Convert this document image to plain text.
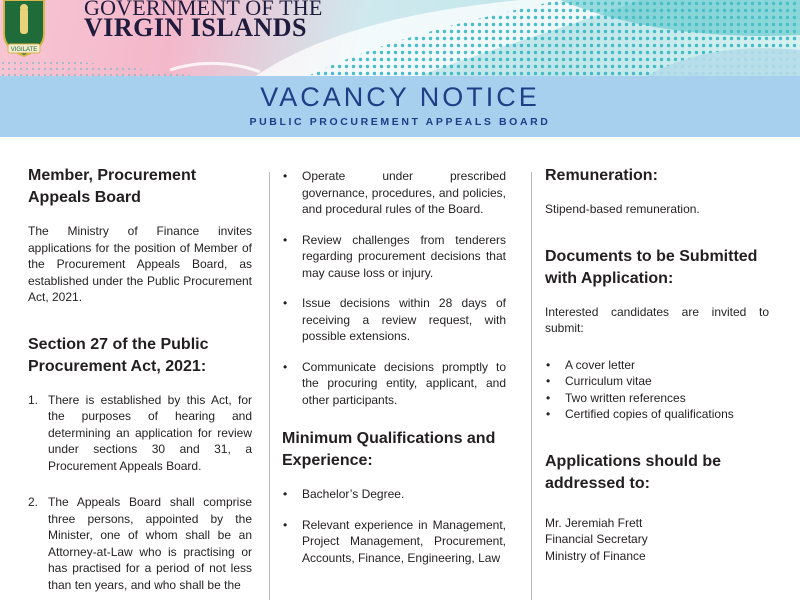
VIGILATE
GOVERNMENT OF THE
VIRGIN ISLANDS
VACANCY NOTICE
PUBLIC PROCUREMENT APPEALS BOARD
Member, Procurement Appeals Board

The Ministry of Finance invites applications for the position of Member of the Procurement Appeals Board, as established under the Public Procurement Act, 2021.

Section 27 of the Public Procurement Act, 2021:
1. There is established by this Act, for the purposes of hearing and determining an application for review under sections 30 and 31, a Procurement Appeals Board.
2. The Appeals Board shall comprise three persons, appointed by the Minister, one of whom shall be an Attorney-at-Law who is practising or has practised for a period of not less than ten years, and who shall be the
• Operate under prescribed governance, procedures, and policies, and procedural rules of the Board.
• Review challenges from tenderers regarding procurement decisions that may cause loss or injury.
• Issue decisions within 28 days of receiving a review request, with possible extensions.
• Communicate decisions promptly to the procuring entity, applicant, and other participants.
Minimum Qualifications and Experience:
• Bachelor’s Degree.
• Relevant experience in Management, Project Management, Procurement, Accounts, Finance, Engineering, Law
Remuneration:

Stipend-based remuneration.

Documents to be Submitted with Application:

Interested candidates are invited to submit:

• A cover letter
• Curriculum vitae
• Two written references
• Certified copies of qualifications
Applications should be addressed to:
Mr. Jeremiah Frett
Financial Secretary
Ministry of Finance
